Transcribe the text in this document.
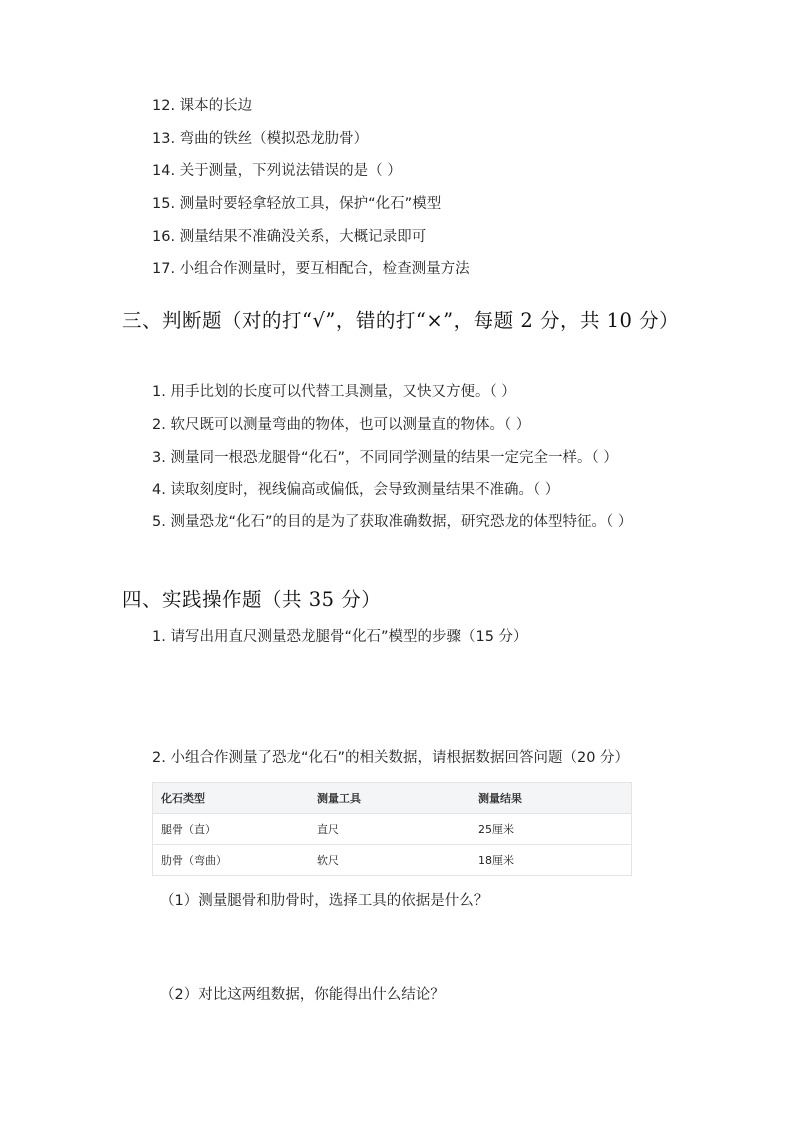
12. 课本的长边
13. 弯曲的铁丝（模拟恐龙肋骨）
14. 关于测量，下列说法错误的是（ ）
15. 测量时要轻拿轻放工具，保护“化石”模型
16. 测量结果不准确没关系，大概记录即可
17. 小组合作测量时，要互相配合，检查测量方法
三、判断题（对的打“√”，错的打“×”，每题 2 分，共 10 分）
1. 用手比划的长度可以代替工具测量，又快又方便。（ ）
2. 软尺既可以测量弯曲的物体，也可以测量直的物体。（ ）
3. 测量同一根恐龙腿骨“化石”，不同同学测量的结果一定完全一样。（ ）
4. 读取刻度时，视线偏高或偏低，会导致测量结果不准确。（ ）
5. 测量恐龙“化石”的目的是为了获取准确数据，研究恐龙的体型特征。（ ）
四、实践操作题（共 35 分）
1. 请写出用直尺测量恐龙腿骨“化石”模型的步骤（15 分）
2. 小组合作测量了恐龙“化石”的相关数据，请根据数据回答问题（20 分）
化石类型	测量工具	测量结果
腿骨（直）	直尺	25厘米
肋骨（弯曲）	软尺	18厘米
（1）测量腿骨和肋骨时，选择工具的依据是什么？
（2）对比这两组数据，你能得出什么结论？
